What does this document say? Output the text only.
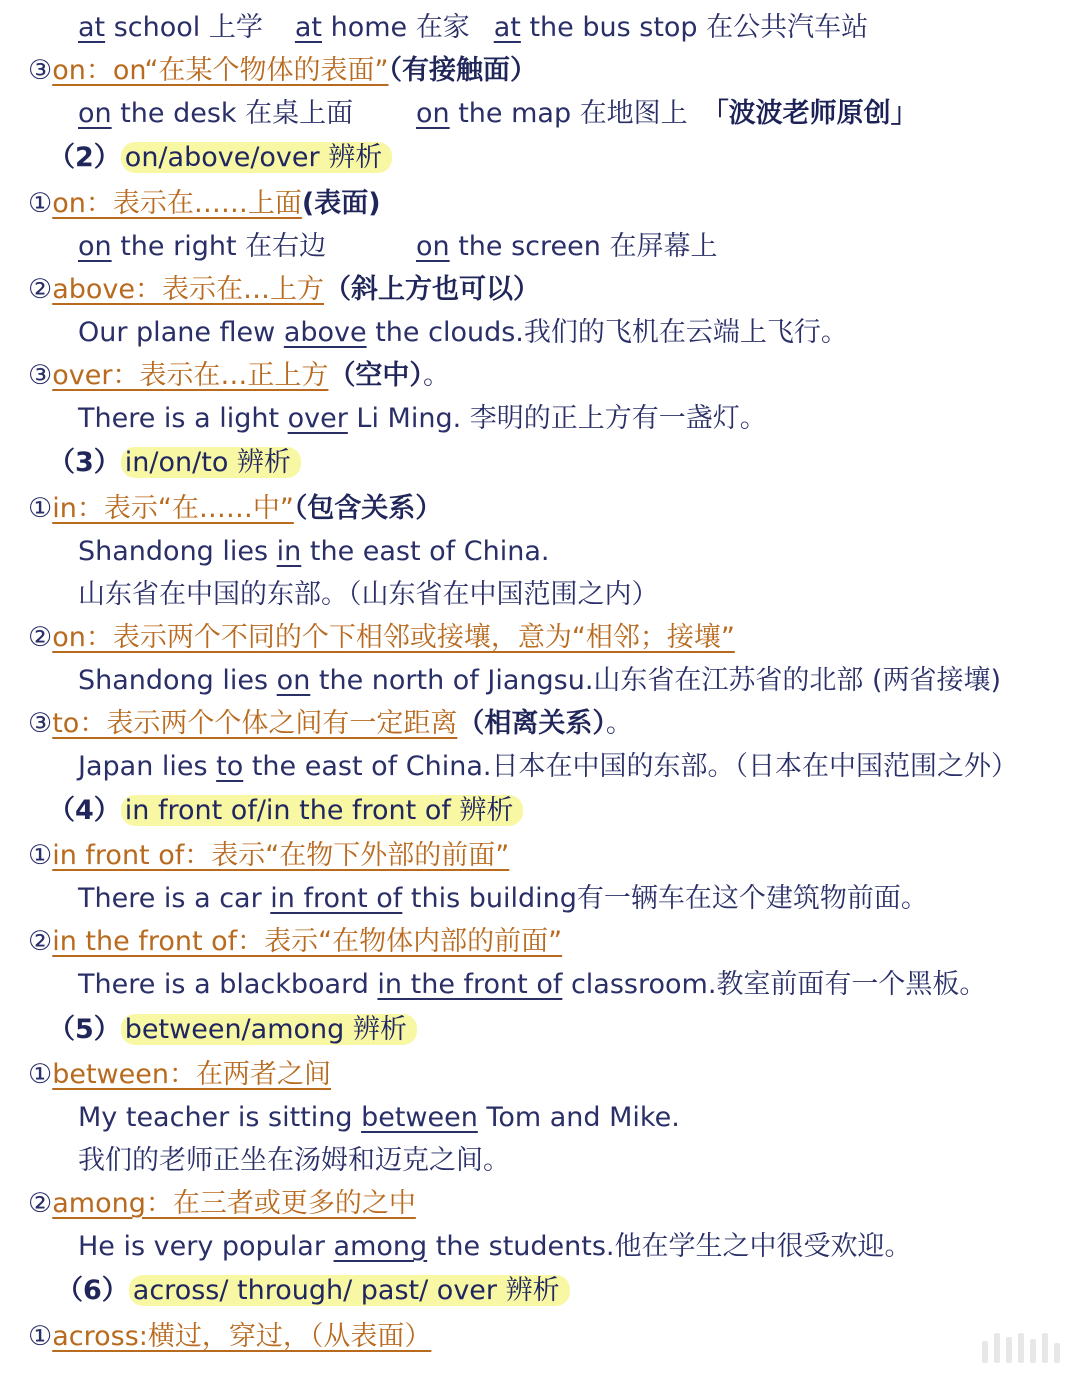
at school 上学 at home 在家 at the bus stop 在公共汽车站
③on：on“在某个物体的表面”（有接触面）
on the desk 在桌上面 on the map 在地图上 「波波老师原创」
（2） on/above/over 辨析
①on：表示在……上面(表面)
on the right 在右边	on the screen 在屏幕上
②above：表示在…上方（斜上方也可以）
Our plane flew above the clouds.我们的飞机在云端上飞行。
③over：表示在…正上方（空中）。
There is a light over Li Ming. 李明的正上方有一盏灯。
（3） in/on/to 辨析
①in：表示“在……中”（包含关系）
Shandong lies in the east of China.
山东省在中国的东部。（山东省在中国范围之内）
②on：表示两个不同的个下相邻或接壤，意为“相邻；接壤”
Shandong lies on the north of Jiangsu.山东省在江苏省的北部 (两省接壤)
③to：表示两个个体之间有一定距离（相离关系）。
Japan lies to the east of China.日本在中国的东部。（日本在中国范围之外）
（4） in front of/in the front of 辨析
①in front of：表示“在物下外部的前面”
There is a car in front of this building有一辆车在这个建筑物前面。
②in the front of：表示“在物体内部的前面”
There is a blackboard in the front of classroom.教室前面有一个黑板。
（5） between/among 辨析
①between：在两者之间
My teacher is sitting between Tom and Mike.
我们的老师正坐在汤姆和迈克之间。
②among：在三者或更多的之中
He is very popular among the students.他在学生之中很受欢迎。
（6） across/ through/ past/ over 辨析
①across:横过，穿过，（从表面）
